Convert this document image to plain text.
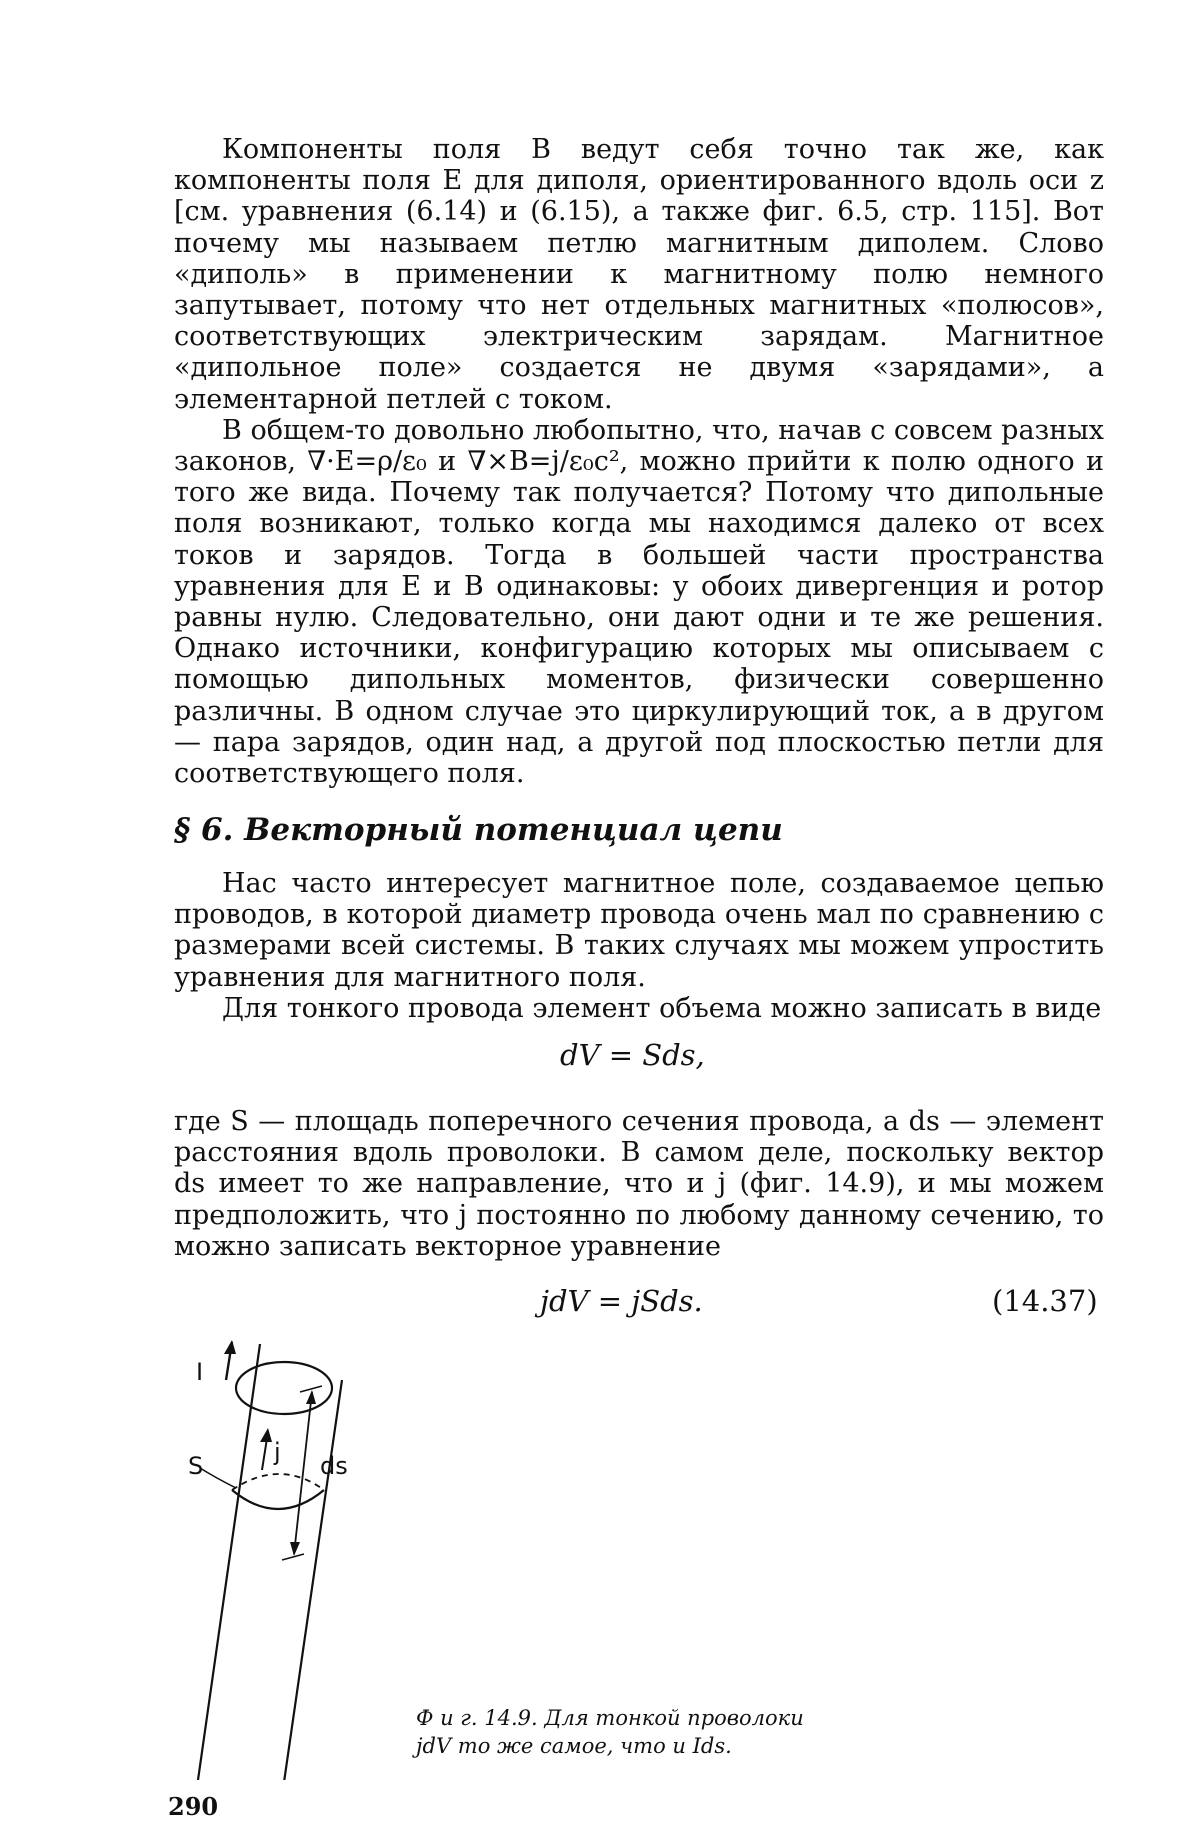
Компоненты поля B ведут себя точно так же, как компоненты поля E для диполя, ориентированного вдоль оси z [см. уравнения (6.14) и (6.15), а также фиг. 6.5, стр. 115]. Вот почему мы называем петлю магнитным диполем. Слово «диполь» в применении к магнитному полю немного запутывает, потому что нет отдельных магнитных «полюсов», соответствующих электрическим зарядам. Магнитное «дипольное поле» создается не двумя «зарядами», а элементарной петлей с током.

В общем-то довольно любопытно, что, начав с совсем разных законов, ∇·E=ρ/ε₀ и ∇×B=j/ε₀c², можно прийти к полю одного и того же вида. Почему так получается? Потому что дипольные поля возникают, только когда мы находимся далеко от всех токов и зарядов. Тогда в большей части пространства уравнения для E и B одинаковы: у обоих дивергенция и ротор равны нулю. Следовательно, они дают одни и те же решения. Однако источники, конфигурацию которых мы описываем с помощью дипольных моментов, физически совершенно различны. В одном случае это циркулирующий ток, а в другом — пара зарядов, один над, а другой под плоскостью петли для соответствующего поля.

§ 6. Векторный потенциал цепи

Нас часто интересует магнитное поле, создаваемое цепью проводов, в которой диаметр провода очень мал по сравнению с размерами всей системы. В таких случаях мы можем упростить уравнения для магнитного поля.

Для тонкого провода элемент объема можно записать в виде

dV = Sds,

где S — площадь поперечного сечения провода, а ds — элемент расстояния вдоль проволоки. В самом деле, поскольку вектор ds имеет то же направление, что и j (фиг. 14.9), и мы можем предположить, что j постоянно по любому данному сечению, то можно записать векторное уравнение

jdV = jSds.	(14.37)
I
S	j ds
Ф и г. 14.9. Для тонкой проволоки
jdV то же самое, что и Ids.
290
